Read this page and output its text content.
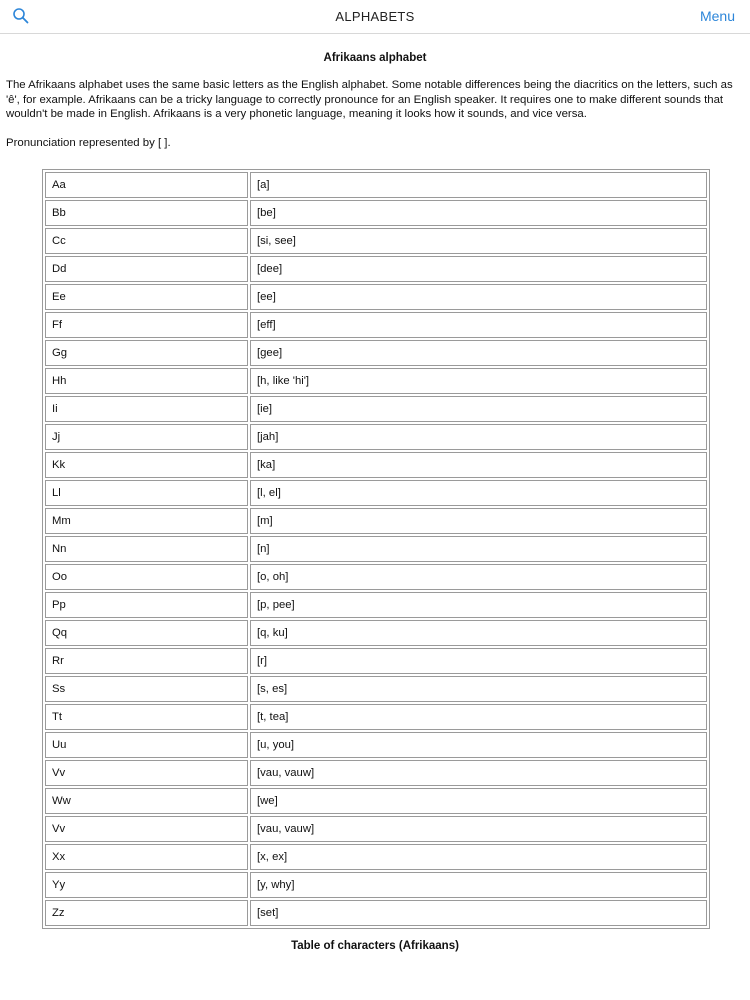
ALPHABETS	Menu
Afrikaans alphabet
The Afrikaans alphabet uses the same basic letters as the English alphabet. Some notable differences being the diacritics on the letters, such as 'ê', for example. Afrikaans can be a tricky language to correctly pronounce for an English speaker. It requires one to make different sounds that wouldn't be made in English. Afrikaans is a very phonetic language, meaning it looks how it sounds, and vice versa.
Pronunciation represented by [ ].
Aa	[a]
Bb	[be]
Cc	[si, see]
Dd	[dee]
Ee	[ee]
Ff	[eff]
Gg	[gee]
Hh	[h, like 'hi']
Ii	[ie]
Jj	[jah]
Kk	[ka]
Ll	[l, el]
Mm	[m]
Nn	[n]
Oo	[o, oh]
Pp	[p, pee]
Qq	[q, ku]
Rr	[r]
Ss	[s, es]
Tt	[t, tea]
Uu	[u, you]
Vv	[vau, vauw]
Ww	[we]
Vv	[vau, vauw]
Xx	[x, ex]
Yy	[y, why]
Zz	[set]
Table of characters (Afrikaans)
